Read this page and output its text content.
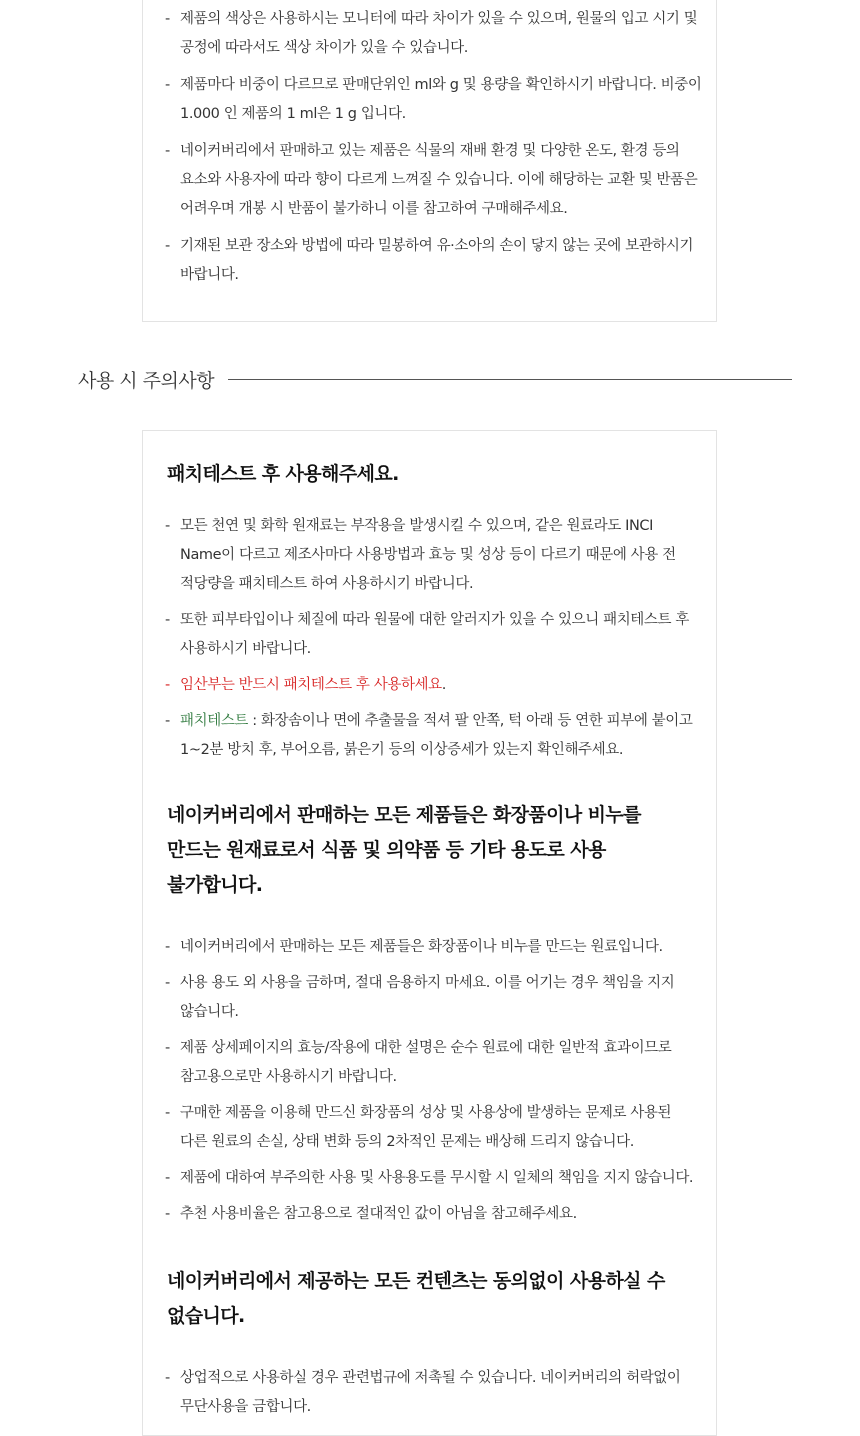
- 제품의 색상은 사용하시는 모니터에 따라 차이가 있을 수 있으며, 원물의 입고 시기 및 공정에 따라서도 색상 차이가 있을 수 있습니다.
- 제품마다 비중이 다르므로 판매단위인 ml와 g 및 용량을 확인하시기 바랍니다. 비중이 1.000 인 제품의 1 ml은 1 g 입니다.
- 네이커버리에서 판매하고 있는 제품은 식물의 재배 환경 및 다양한 온도, 환경 등의 요소와 사용자에 따라 향이 다르게 느껴질 수 있습니다. 이에 해당하는 교환 및 반품은 어려우며 개봉 시 반품이 불가하니 이를 참고하여 구매해주세요.
- 기재된 보관 장소와 방법에 따라 밀봉하여 유·소아의 손이 닿지 않는 곳에 보관하시기 바랍니다.
사용 시 주의사항
패치테스트 후 사용해주세요.
- 모든 천연 및 화학 원재료는 부작용을 발생시킬 수 있으며, 같은 원료라도 INCI Name이 다르고 제조사마다 사용방법과 효능 및 성상 등이 다르기 때문에 사용 전 적당량을 패치테스트 하여 사용하시기 바랍니다.
- 또한 피부타입이나 체질에 따라 원물에 대한 알러지가 있을 수 있으니 패치테스트 후 사용하시기 바랍니다.
- 임산부는 반드시 패치테스트 후 사용하세요.
- 패치테스트 : 화장솜이나 면에 추출물을 적셔 팔 안쪽, 턱 아래 등 연한 피부에 붙이고 1~2분 방치 후, 부어오름, 붉은기 등의 이상증세가 있는지 확인해주세요.
네이커버리에서 판매하는 모든 제품들은 화장품이나 비누를 만드는 원재료로서 식품 및 의약품 등 기타 용도로 사용 불가합니다.
- 네이커버리에서 판매하는 모든 제품들은 화장품이나 비누를 만드는 원료입니다.
- 사용 용도 외 사용을 금하며, 절대 음용하지 마세요. 이를 어기는 경우 책임을 지지 않습니다.
- 제품 상세페이지의 효능/작용에 대한 설명은 순수 원료에 대한 일반적 효과이므로 참고용으로만 사용하시기 바랍니다.
- 구매한 제품을 이용해 만드신 화장품의 성상 및 사용상에 발생하는 문제로 사용된 다른 원료의 손실, 상태 변화 등의 2차적인 문제는 배상해 드리지 않습니다.
- 제품에 대하여 부주의한 사용 및 사용용도를 무시할 시 일체의 책임을 지지 않습니다.
- 추천 사용비율은 참고용으로 절대적인 값이 아님을 참고해주세요.
네이커버리에서 제공하는 모든 컨텐츠는 동의없이 사용하실 수 없습니다.
- 상업적으로 사용하실 경우 관련법규에 저촉될 수 있습니다. 네이커버리의 허락없이 무단사용을 금합니다.
